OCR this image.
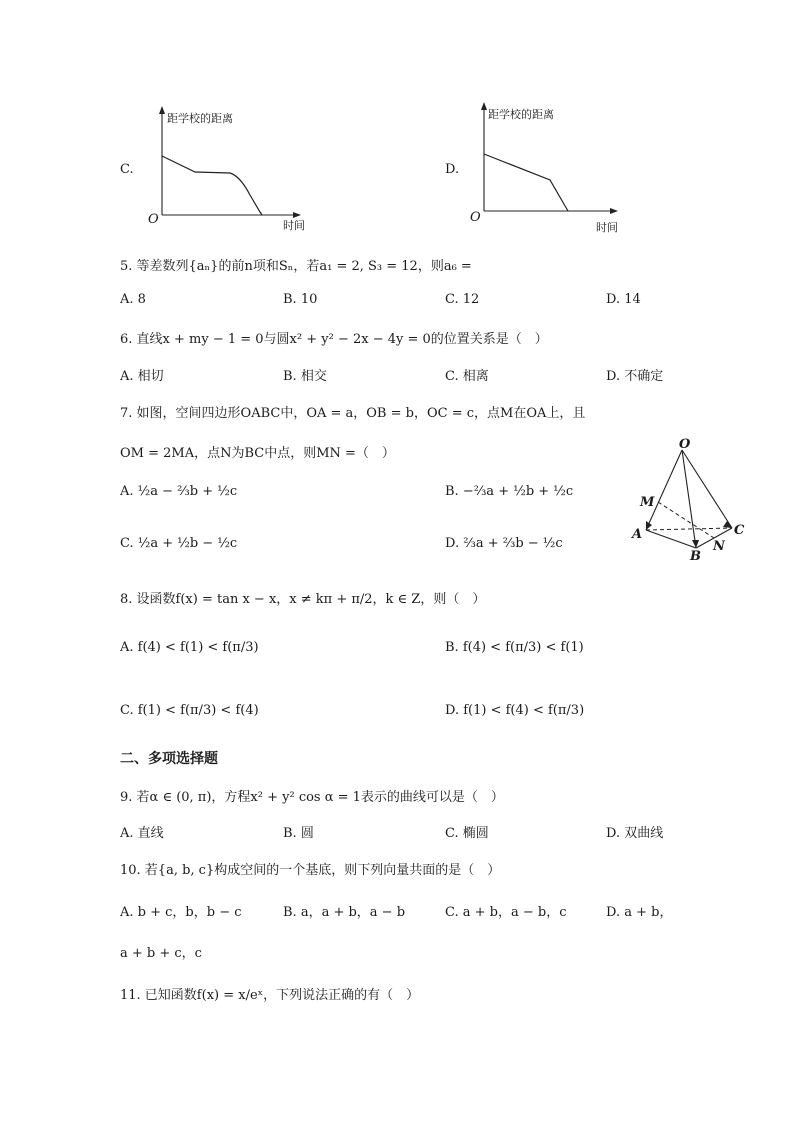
C.
距学校的距离
时间
O
D.
距学校的距离
时间
O
5. 等差数列{aₙ}的前n项和Sₙ，若a₁ = 2, S₃ = 12，则a₆ =
A. 8	B. 10	C. 12	D. 14
6. 直线x + my − 1 = 0与圆x² + y² − 2x − 4y = 0的位置关系是（　）
A. 相切	B. 相交	C. 相离	D. 不确定
7. 如图，空间四边形OABC中，OA = a，OB = b，OC = c，点M在OA上，且
OM = 2MA，点N为BC中点，则MN =（　）
A. ½a − ⅔b + ½c	B. −⅔a + ½b + ½c
C. ½a + ½b − ½c	D. ⅔a + ⅔b − ½c
O
M
A
B
C
N
8. 设函数f(x) = tan x − x，x ≠ kπ + π/2，k ∈ Z，则（　）
A. f(4) < f(1) < f(π/3)	B. f(4) < f(π/3) < f(1)
C. f(1) < f(π/3) < f(4)	D. f(1) < f(4) < f(π/3)
二、多项选择题
9. 若α ∈ (0, π)，方程x² + y² cos α = 1表示的曲线可以是（　）
A. 直线	B. 圆	C. 椭圆	D. 双曲线
10. 若{a, b, c}构成空间的一个基底，则下列向量共面的是（　）
A. b + c，b，b − c	B. a，a + b，a − b	C. a + b，a − b，c	D. a + b，
a + b + c，c
11. 已知函数f(x) = x/eˣ，下列说法正确的有（　）
